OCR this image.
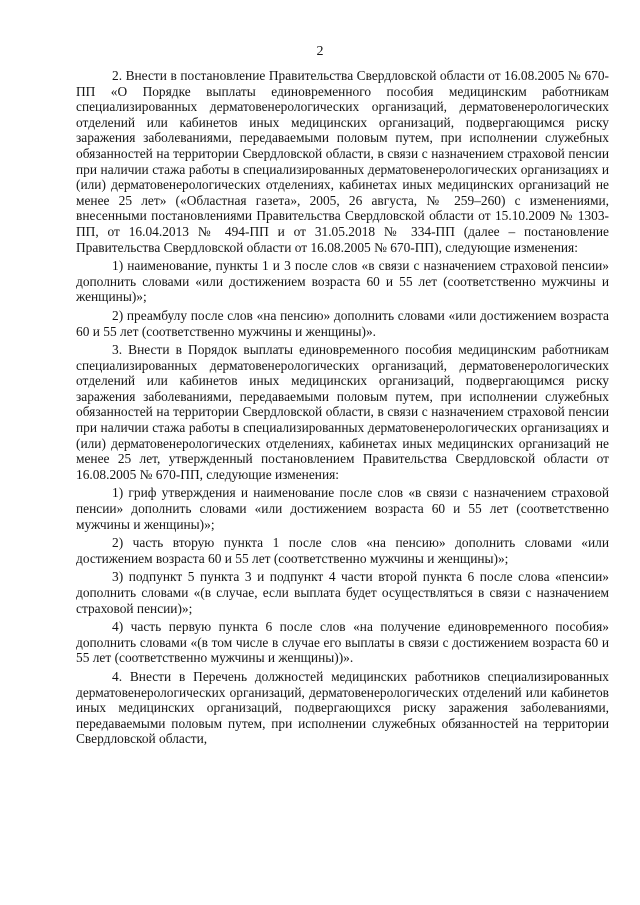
2

2. Внести в постановление Правительства Свердловской области от 16.08.2005 № 670-ПП «О Порядке выплаты единовременного пособия медицинским работникам специализированных дерматовенерологических организаций, дерматовенерологических отделений или кабинетов иных медицинских организаций, подвергающимся риску заражения заболеваниями, передаваемыми половым путем, при исполнении служебных обязанностей на территории Свердловской области, в связи с назначением страховой пенсии при наличии стажа работы в специализированных дерматовенерологических организациях и (или) дерматовенерологических отделениях, кабинетах иных медицинских организаций не менее 25 лет» («Областная газета», 2005, 26 августа, № 259–260) с изменениями, внесенными постановлениями Правительства Свердловской области от 15.10.2009 № 1303-ПП, от 16.04.2013 № 494-ПП и от 31.05.2018 № 334-ПП (далее – постановление Правительства Свердловской области от 16.08.2005 № 670-ПП), следующие изменения:

1) наименование, пункты 1 и 3 после слов «в связи с назначением страховой пенсии» дополнить словами «или достижением возраста 60 и 55 лет (соответственно мужчины и женщины)»;

2) преамбулу после слов «на пенсию» дополнить словами «или достижением возраста 60 и 55 лет (соответственно мужчины и женщины)».

3. Внести в Порядок выплаты единовременного пособия медицинским работникам специализированных дерматовенерологических организаций, дерматовенерологических отделений или кабинетов иных медицинских организаций, подвергающимся риску заражения заболеваниями, передаваемыми половым путем, при исполнении служебных обязанностей на территории Свердловской области, в связи с назначением страховой пенсии при наличии стажа работы в специализированных дерматовенерологических организациях и (или) дерматовенерологических отделениях, кабинетах иных медицинских организаций не менее 25 лет, утвержденный постановлением Правительства Свердловской области от 16.08.2005 № 670-ПП, следующие изменения:

1) гриф утверждения и наименование после слов «в связи с назначением страховой пенсии» дополнить словами «или достижением возраста 60 и 55 лет (соответственно мужчины и женщины)»;

2) часть вторую пункта 1 после слов «на пенсию» дополнить словами «или достижением возраста 60 и 55 лет (соответственно мужчины и женщины)»;

3) подпункт 5 пункта 3 и подпункт 4 части второй пункта 6 после слова «пенсии» дополнить словами «(в случае, если выплата будет осуществляться в связи с назначением страховой пенсии)»;

4) часть первую пункта 6 после слов «на получение единовременного пособия» дополнить словами «(в том числе в случае его выплаты в связи с достижением возраста 60 и 55 лет (соответственно мужчины и женщины))».

4. Внести в Перечень должностей медицинских работников специализированных дерматовенерологических организаций, дерматовенерологических отделений или кабинетов иных медицинских организаций, подвергающихся риску заражения заболеваниями, передаваемыми половым путем, при исполнении служебных обязанностей на территории Свердловской области,
